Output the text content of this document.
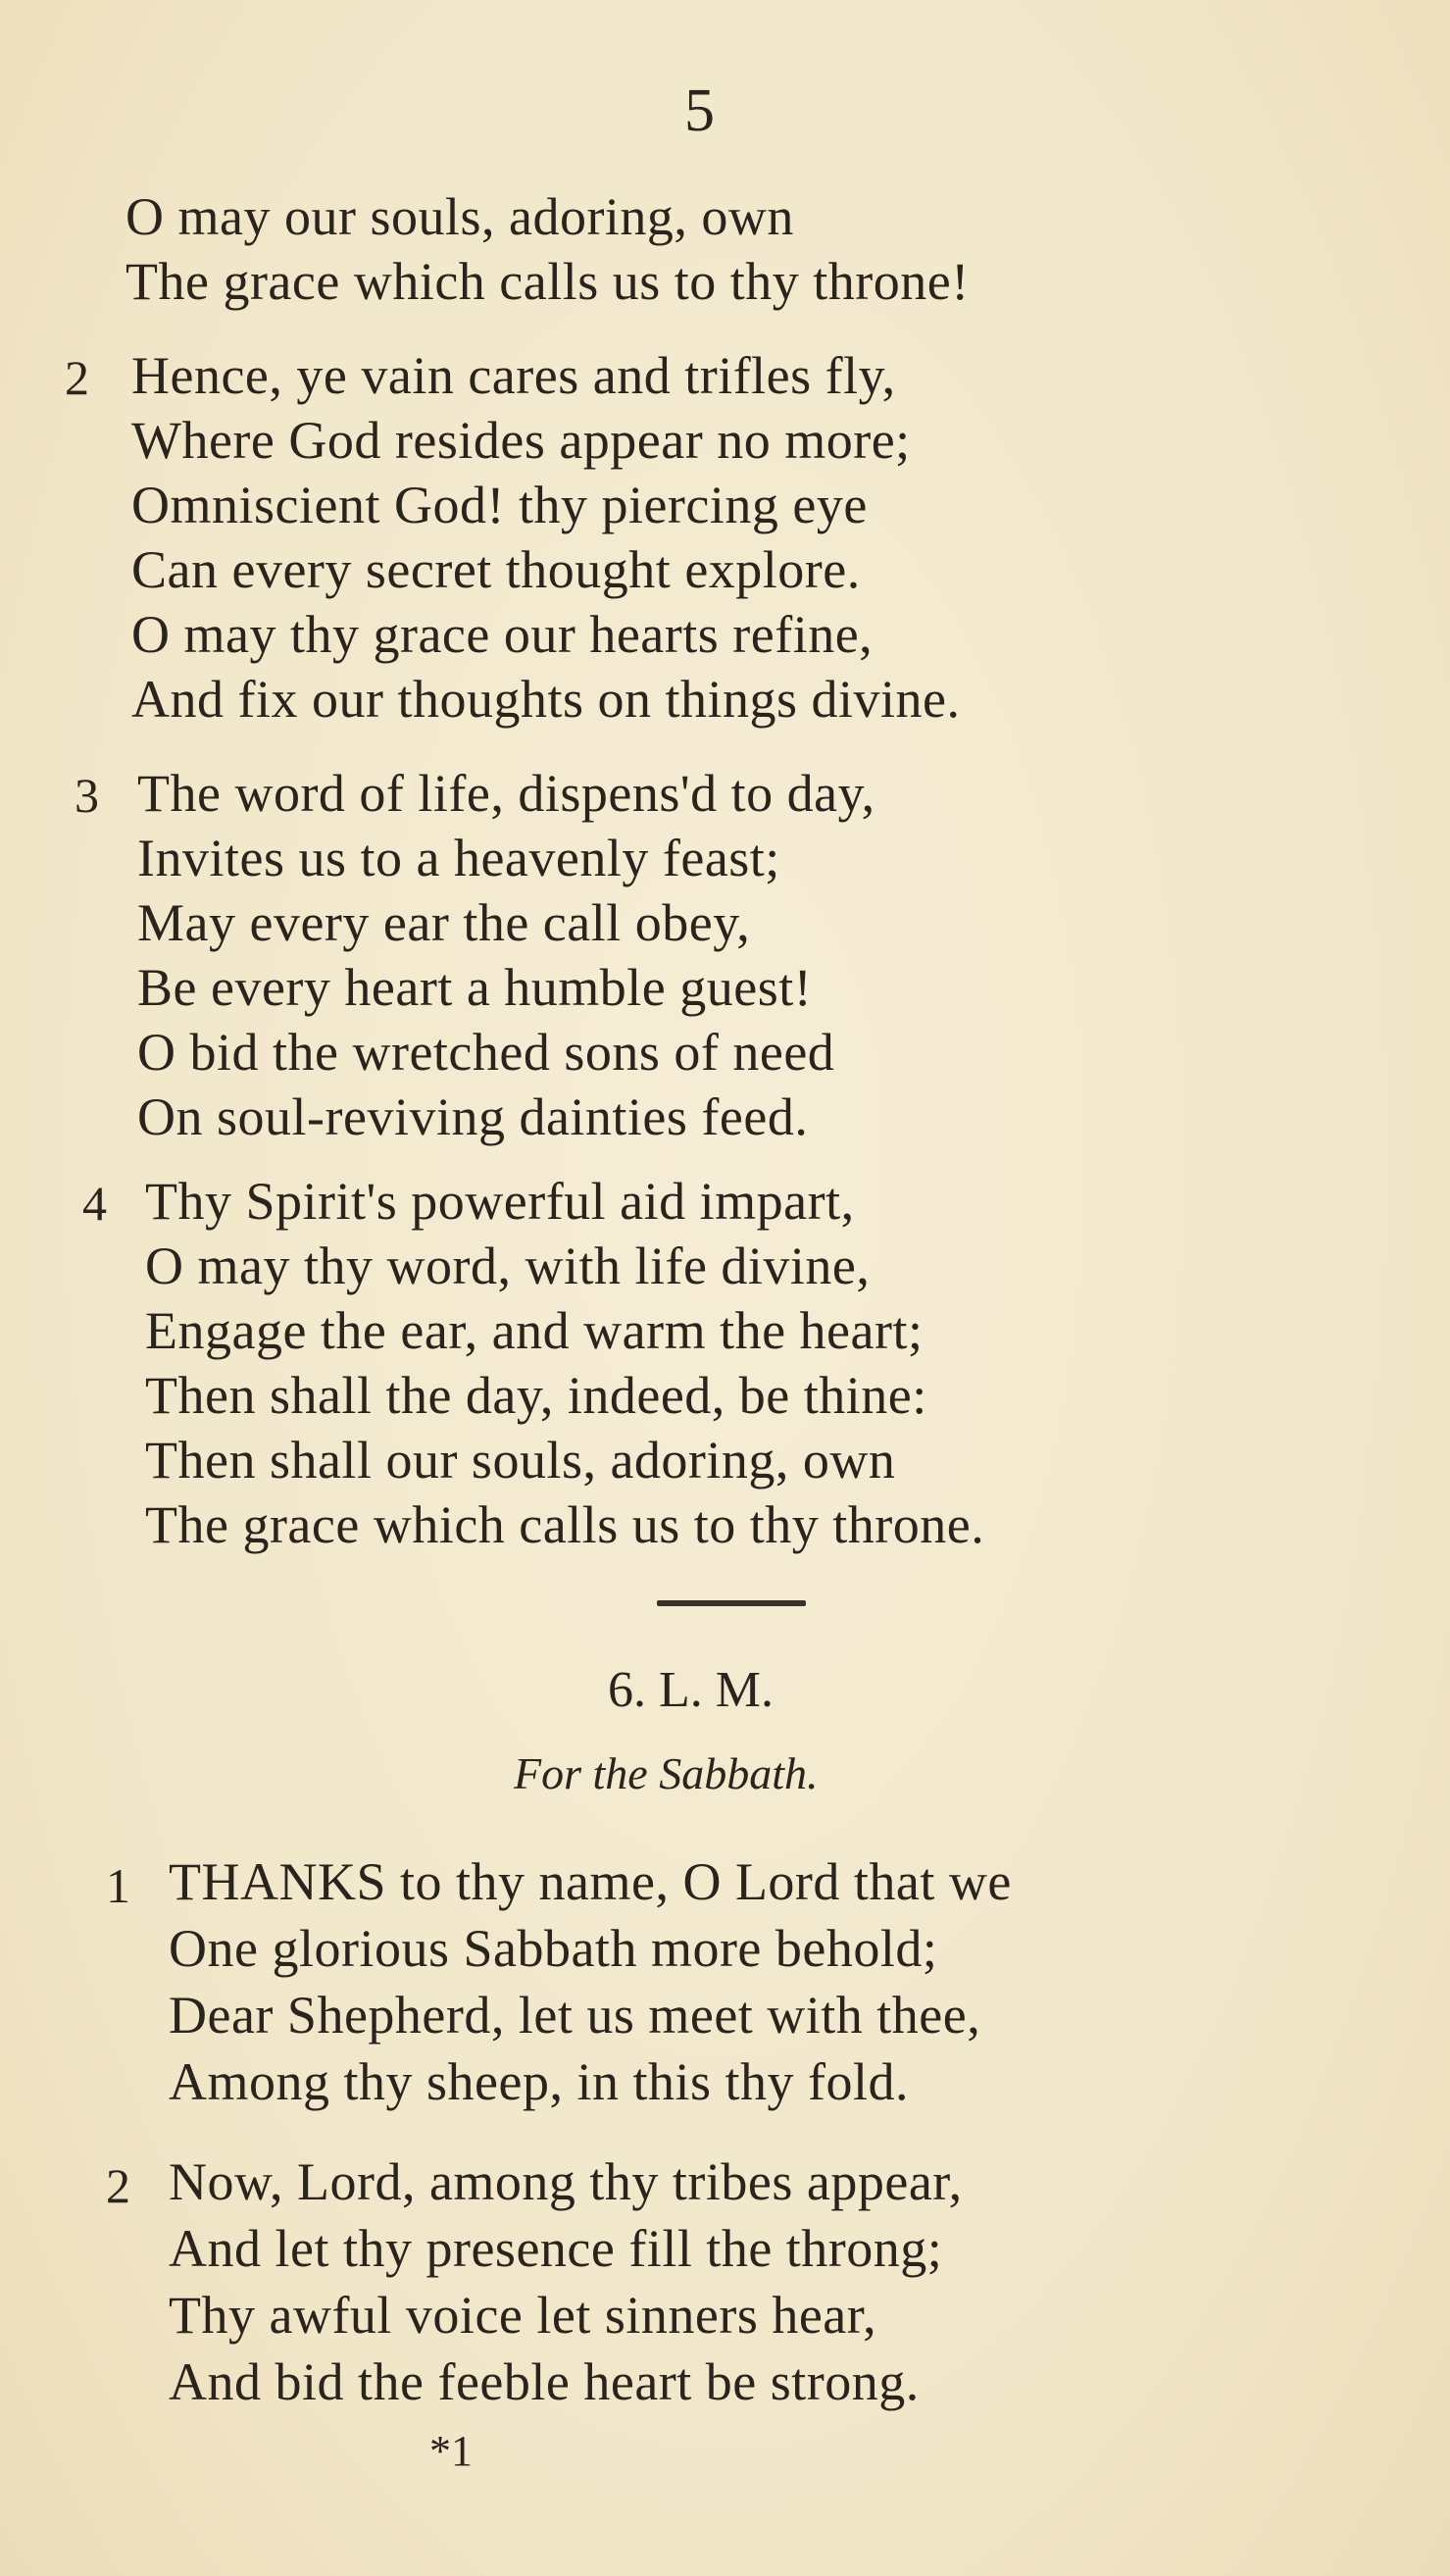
5
O may our souls, adoring, own
The grace which calls us to thy throne!
2 Hence, ye vain cares and trifles fly,
Where God resides appear no more;
Omniscient God! thy piercing eye
Can every secret thought explore.
O may thy grace our hearts refine,
And fix our thoughts on things divine.
3 The word of life, dispens'd to day,
Invites us to a heavenly feast;
May every ear the call obey,
Be every heart a humble guest!
O bid the wretched sons of need
On soul-reviving dainties feed.
4 Thy Spirit's powerful aid impart,
O may thy word, with life divine,
Engage the ear, and warm the heart;
Then shall the day, indeed, be thine:
Then shall our souls, adoring, own
The grace which calls us to thy throne.
6. L. M.
For the Sabbath.
1 THANKS to thy name, O Lord that we
One glorious Sabbath more behold;
Dear Shepherd, let us meet with thee,
Among thy sheep, in this thy fold.
2 Now, Lord, among thy tribes appear,
And let thy presence fill the throng;
Thy awful voice let sinners hear,
And bid the feeble heart be strong.
*1
